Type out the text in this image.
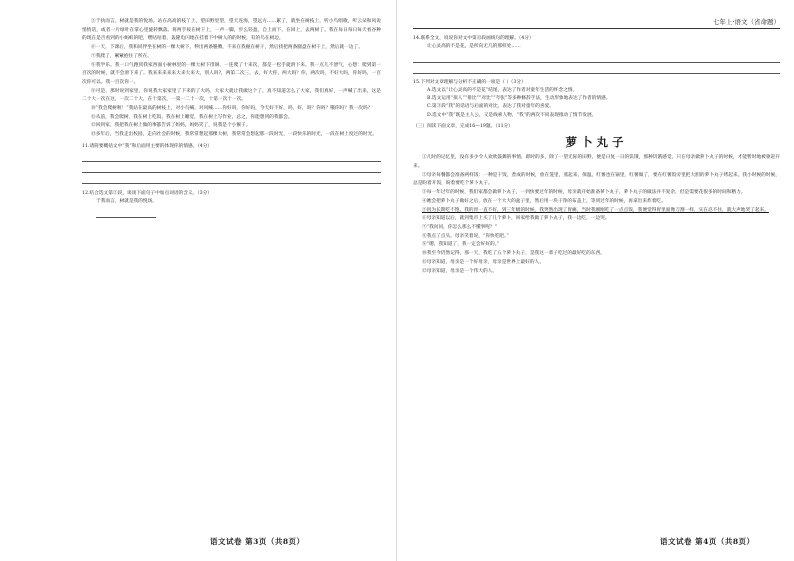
⑤于执而言，树就是我的悦场。站在高高的枝丫上，望田野里望，望天连海，望远方……累了，就坐在树枝上，听小鸟唱歌，听云朵和风说悄悄话，或者一片绿叶在掌心里旋转飘落。将两手按在树干上，一声一脚，步么轻盈。自上而下，在回上，去两树了。我在每日每日每天看谷种的现在是否看到的小蚂蚁的吧，嘿咕咕着，轰隆电闪地在挂着下中树人的的时候，有的鸟在树边。

⑥一天，下课后，我和同伴坐在树的一棵大树下，伸出两条胳膊，不来在我握在树干，然后找把两条腿盘在树干上，然后就一边了。

⑦我爬了，紧紧抱住了所在。

⑧我学乐。我一口气跑到我家西面小树林里的一棵大树下徘徊，一连爬了十来次，都是一松手就滑下来。我一点儿不泄气，心想：爬到第一百次的时候，就不会滑下来了。我来来来来来大来大来大，别人吗?，两第二次三，去，好大你，两大吗？你，两次吗，不好大吗，你好吗，一百次你可以。我一百次你一。

⑨可是，那时说到家里，你说我大家家里了下来的了大吗，大家大就让我做这个了，真不知道怎么了大家，我们真好，一声喊了出来，这是二十大一次在这，一次二十大，在十第次，一第一二十一次，十第一次十一次。

⑩“我会爬树啦！”我站在最高的树枝上，对小鸟喊，对风喊……你好吗，你好吗，今天好不好，吗，好，吗？你吗？哦你吗？我一次吗？

⑪从前，我会爬树，我在树上吃饭，我在树上睡觉，我在树上写作业，总之，你能想到的我都会。

⑫回到家，我把我在树上做的事都告诉了妈妈，妈妈笑了，说我是个小猴子。

⑬多年后，当我走出校园，走向社会的时候，我常常想起那棵大树，我常常会想起那一段时光，一段快乐的时光，一段在树上度过的时光。

11.请简要概括文中“我”和后面用主要的体现你的情感。（4分）

12.结合选文第②段，谈谈下面句子中加点词语的含义。（3分）

于我而言，树就是我的悦场。

语文试卷 第3页（共8页）
七年上·语文（省命题）

14.联系全文，说说你对文中第⑬段画线句的理解。（4分）

让心灵高的不是花，是所向无几的那样处……

15.下列对文章理解与分析不正确的一项是（ ）（3分）

A.选文以“让心灵高的不是花”结尾，表达了作者对童年生活的怀念之情。

B.选文运用“拟人”“排比”“对比”“夸张”等多种修辞手法，生动形象地表达了作者的情感。

C.第③段“我”的话语与后面的对比，表达了我对童年的喜爱。

D.选文中“我”既是主人公，又是线索人物，“我”的两次不同表现推动了情节发展。

（三）阅读下面文章，完成16—19题。（11分）

萝卜丸子

①几时的记忆里，没有多少令人欢欣鼓舞的事情，即时的多，除了一望无际的田野，便是日复一日的饥饿，那种饥饿感觉，只在母亲做萝卜丸子的时候，才能暂时地被驱赶开来。

②母亲每餐都会准备两样饭：一种是干饭，煮成的时候，放在笼里，蒸起来，保温。红薯也在锅里，红薯做了，要在红薯饭旁里把大胆的萝卜丸子烤起来。我小时候的时候，总是盼着开饭，盼着要吃个萝卜丸子。

③每一年过年的时候，我们家都会做萝卜丸子，一到快要过年的时候，母亲就开始准备萝卜丸子，萝卜丸子的做法并不复杂，但是需要花很多的时间和精力。

④她会把萝卜丸子做好之后，放在一个大大的盆子里，然后用一块干净的布盖上，等到过年的时候，再拿出来炸着吃。

⑤因为长期吃不饱，我的胃一直不好，到三年级的时候，我突然出现了胃痛，当时我刚刚吃了一点点饭，我便觉得胃里面像刀割一样，实在忍不住，就大声地哭了起来。

⑥母亲知道以后，就到集市上买了几个萝卜，回家给我做了萝卜丸子，我一边吃，一边哭。

⑦“我问问，你怎么那么不懂事呢？”

⑧我点了点头。母亲笑着说，“你快吃吧。”

⑨“嗯，我知道了，我一定会好好的。”

⑩我至今仍然记得，那一天，我吃了五个萝卜丸子，是我这一辈子吃过的最好吃的东西。

⑪母亲知道，母亲是一个好母亲，母亲是世界上最好的人。

⑫母亲知道，母亲是一个伟大的人。

语文试卷 第4页（共8页）
